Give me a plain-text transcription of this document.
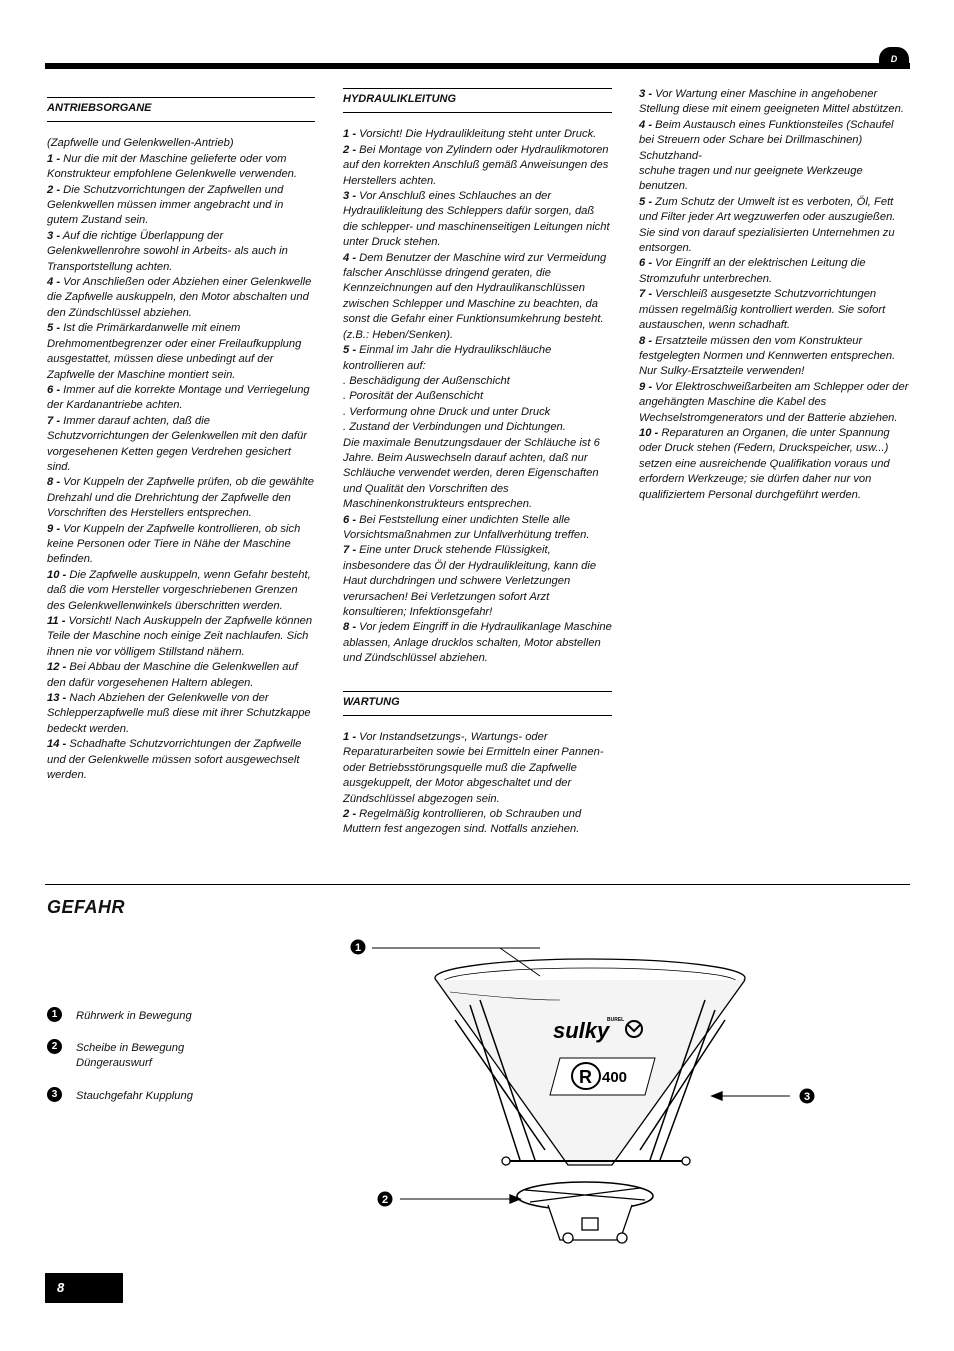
D
ANTRIEBSORGANE

(Zapfwelle und Gelenkwellen-Antrieb)

1 - Nur die mit der Maschine gelieferte oder vom Konstrukteur empfohlene Gelenkwelle verwenden.

2 - Die Schutzvorrichtungen der Zapfwellen und Gelenkwellen müssen immer angebracht und in gutem Zustand sein.

3 - Auf die richtige Überlappung der Gelenkwellenrohre sowohl in Arbeits- als auch in Transportstellung achten.

4 - Vor Anschließen oder Abziehen einer Gelenkwelle die Zapfwelle auskuppeln, den Motor abschalten und den Zündschlüssel abziehen.

5 - Ist die Primärkardanwelle mit einem Drehmomentbegrenzer oder einer Freilaufkupplung ausgestattet, müssen diese unbedingt auf der Zapfwelle der Maschine montiert sein.

6 - Immer auf die korrekte Montage und Verriegelung der Kardanantriebe achten.

7 - Immer darauf achten, daß die Schutzvorrichtungen der Gelenkwellen mit den dafür vorgesehenen Ketten gegen Verdrehen gesichert sind.

8 - Vor Kuppeln der Zapfwelle prüfen, ob die gewählte Drehzahl und die Drehrichtung der Zapfwelle den Vorschriften des Herstellers entsprechen.

9 - Vor Kuppeln der Zapfwelle kontrollieren, ob sich keine Personen oder Tiere in Nähe der Maschine befinden.

10 - Die Zapfwelle auskuppeln, wenn Gefahr besteht, daß die vom Hersteller vorgeschriebenen Grenzen des Gelenkwellenwinkels überschritten werden.

11 - Vorsicht! Nach Auskuppeln der Zapfwelle können Teile der Maschine noch einige Zeit nachlaufen. Sich ihnen nie vor völligem Stillstand nähern.

12 - Bei Abbau der Maschine die Gelenkwellen auf den dafür vorgesehenen Haltern ablegen.

13 - Nach Abziehen der Gelenkwelle von der Schlepperzapfwelle muß diese mit ihrer Schutzkappe bedeckt werden.

14 - Schadhafte Schutzvorrichtungen der Zapfwelle und der Gelenkwelle müssen sofort ausgewechselt werden.

HYDRAULIKLEITUNG

1 - Vorsicht! Die Hydraulikleitung steht unter Druck.

2 - Bei Montage von Zylindern oder Hydraulikmotoren auf den korrekten Anschluß gemäß Anweisungen des Herstellers achten.

3 - Vor Anschluß eines Schlauches an der Hydraulikleitung des Schleppers dafür sorgen, daß die schlepper- und maschinenseitigen Leitungen nicht unter Druck stehen.

4 - Dem Benutzer der Maschine wird zur Vermeidung falscher Anschlüsse dringend geraten, die Kennzeichnungen auf den Hydraulikanschlüssen zwischen Schlepper und Maschine zu beachten, da sonst die Gefahr einer Funktionsumkehrung besteht. (z.B.: Heben/Senken).

5 - Einmal im Jahr die Hydraulikschläuche kontrollieren auf:

. Beschädigung der Außenschicht

. Porosität der Außenschicht

. Verformung ohne Druck und unter Druck

. Zustand der Verbindungen und Dichtungen.

Die maximale Benutzungsdauer der Schläuche ist 6 Jahre. Beim Auswechseln darauf achten, daß nur Schläuche verwendet werden, deren Eigenschaften und Qualität den Vorschriften des Maschinenkonstrukteurs entsprechen.

6 - Bei Feststellung einer undichten Stelle alle Vorsichtsmaßnahmen zur Unfallverhütung treffen.

7 - Eine unter Druck stehende Flüssigkeit, insbesondere das Öl der Hydraulikleitung, kann die Haut durchdringen und schwere Verletzungen verursachen! Bei Verletzungen sofort Arzt konsultieren; Infektionsgefahr!

8 - Vor jedem Eingriff in die Hydraulikanlage Maschine ablassen, Anlage drucklos schalten, Motor abstellen und Zündschlüssel abziehen.

WARTUNG

1 - Vor Instandsetzungs-, Wartungs- oder Reparaturarbeiten sowie bei Ermitteln einer Pannen- oder Betriebsstörungsquelle muß die Zapfwelle ausgekuppelt, der Motor abgeschaltet und der Zündschlüssel abgezogen sein.

2 - Regelmäßig kontrollieren, ob Schrauben und Muttern fest angezogen sind. Notfalls anziehen.

3 - Vor Wartung einer Maschine in angehobener Stellung diese mit einem geeigneten Mittel abstützen.

4 - Beim Austausch eines Funktionsteiles (Schaufel bei Streuern oder Schare bei Drillmaschinen) Schutzhand-

schuhe tragen und nur geeignete Werkzeuge benutzen.

5 - Zum Schutz der Umwelt ist es verboten, Öl, Fett und Filter jeder Art wegzuwerfen oder auszugießen. Sie sind von darauf spezialisierten Unternehmen zu entsorgen.

6 - Vor Eingriff an der elektrischen Leitung die Stromzufuhr unterbrechen.

7 - Verschleiß ausgesetzte Schutzvorrichtungen müssen regelmäßig kontrolliert werden. Sie sofort austauschen, wenn schadhaft.

8 - Ersatzteile müssen den vom Konstrukteur festgelegten Normen und Kennwerten entsprechen. Nur Sulky-Ersatzteile verwenden!

9 - Vor Elektroschweißarbeiten am Schlepper oder der angehängten Maschine die Kabel des Wechselstromgenerators und der Batterie abziehen.

10 - Reparaturen an Organen, die unter Spannung oder Druck stehen (Federn, Druckspeicher, usw...) setzen eine ausreichende Qualifikation voraus und erfordern Werkzeuge; sie dürfen daher nur von qualifiziertem Personal durchgeführt werden.

GEFAHR
1	Rührwerk in Bewegung
2	Scheibe in Bewegung
Düngerauswurf
3	Stauchgefahr Kupplung
sulky
BUREL
R 400
1
2
3
8
